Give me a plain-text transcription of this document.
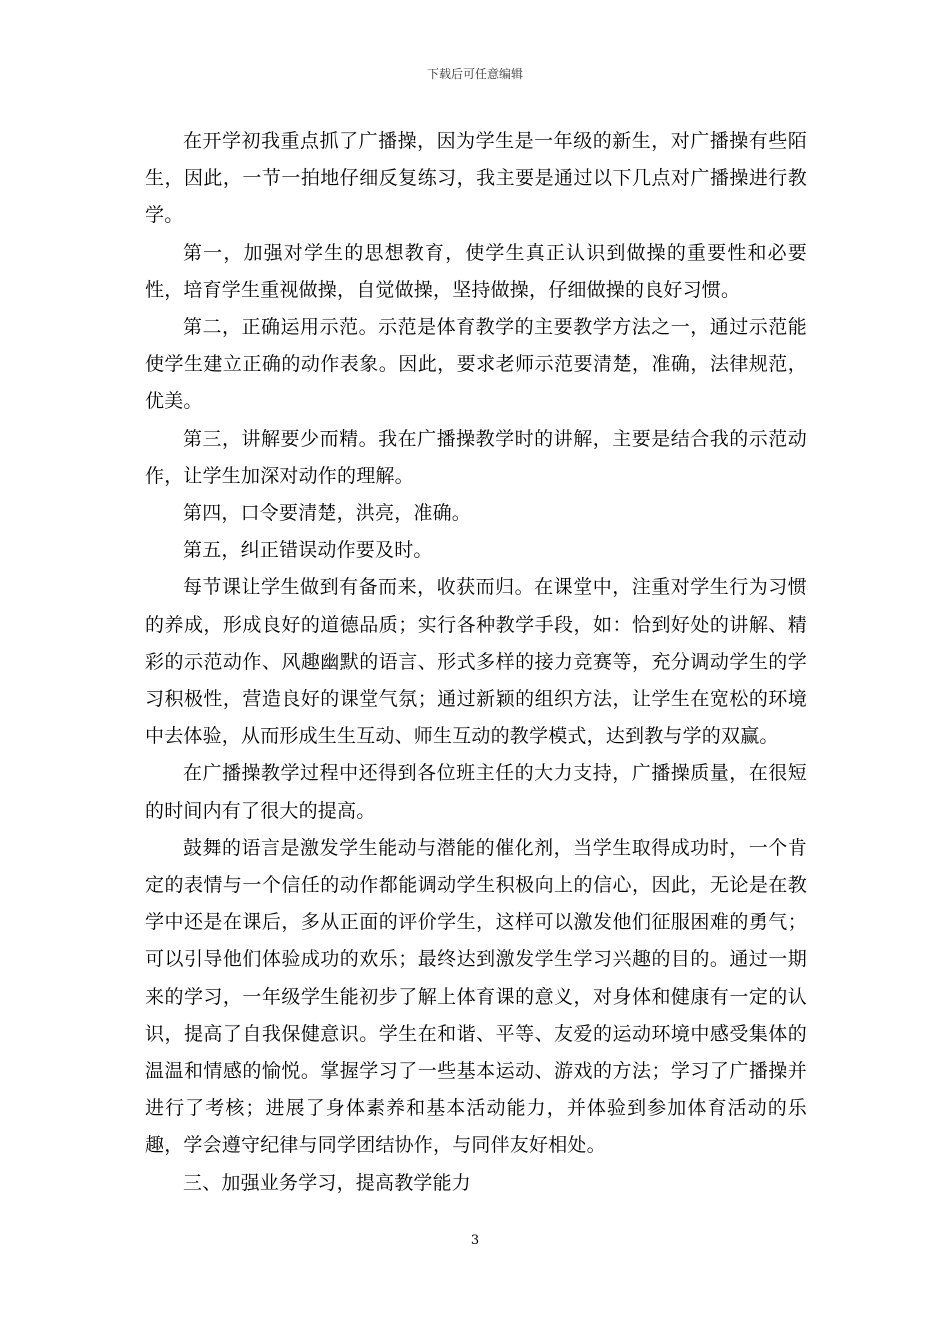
下载后可任意编辑

在开学初我重点抓了广播操，因为学生是一年级的新生，对广播操有些陌生，因此，一节一拍地仔细反复练习，我主要是通过以下几点对广播操进行教学。

第一，加强对学生的思想教育，使学生真正认识到做操的重要性和必要性，培育学生重视做操，自觉做操，坚持做操，仔细做操的良好习惯。

第二，正确运用示范。示范是体育教学的主要教学方法之一，通过示范能使学生建立正确的动作表象。因此，要求老师示范要清楚，准确，法律规范，优美。

第三，讲解要少而精。我在广播操教学时的讲解，主要是结合我的示范动作，让学生加深对动作的理解。

第四，口令要清楚，洪亮，准确。

第五，纠正错误动作要及时。

每节课让学生做到有备而来，收获而归。在课堂中，注重对学生行为习惯的养成，形成良好的道德品质；实行各种教学手段，如：恰到好处的讲解、精彩的示范动作、风趣幽默的语言、形式多样的接力竞赛等，充分调动学生的学习积极性，营造良好的课堂气氛；通过新颖的组织方法，让学生在宽松的环境中去体验，从而形成生生互动、师生互动的教学模式，达到教与学的双赢。

在广播操教学过程中还得到各位班主任的大力支持，广播操质量，在很短的时间内有了很大的提高。

鼓舞的语言是激发学生能动与潜能的催化剂，当学生取得成功时，一个肯定的表情与一个信任的动作都能调动学生积极向上的信心，因此，无论是在教学中还是在课后，多从正面的评价学生，这样可以激发他们征服困难的勇气；可以引导他们体验成功的欢乐；最终达到激发学生学习兴趣的目的。通过一期来的学习，一年级学生能初步了解上体育课的意义，对身体和健康有一定的认识，提高了自我保健意识。学生在和谐、平等、友爱的运动环境中感受集体的温温和情感的愉悦。掌握学习了一些基本运动、游戏的方法；学习了广播操并进行了考核；进展了身体素养和基本活动能力，并体验到参加体育活动的乐趣，学会遵守纪律与同学团结协作，与同伴友好相处。

三、加强业务学习，提高教学能力

3
